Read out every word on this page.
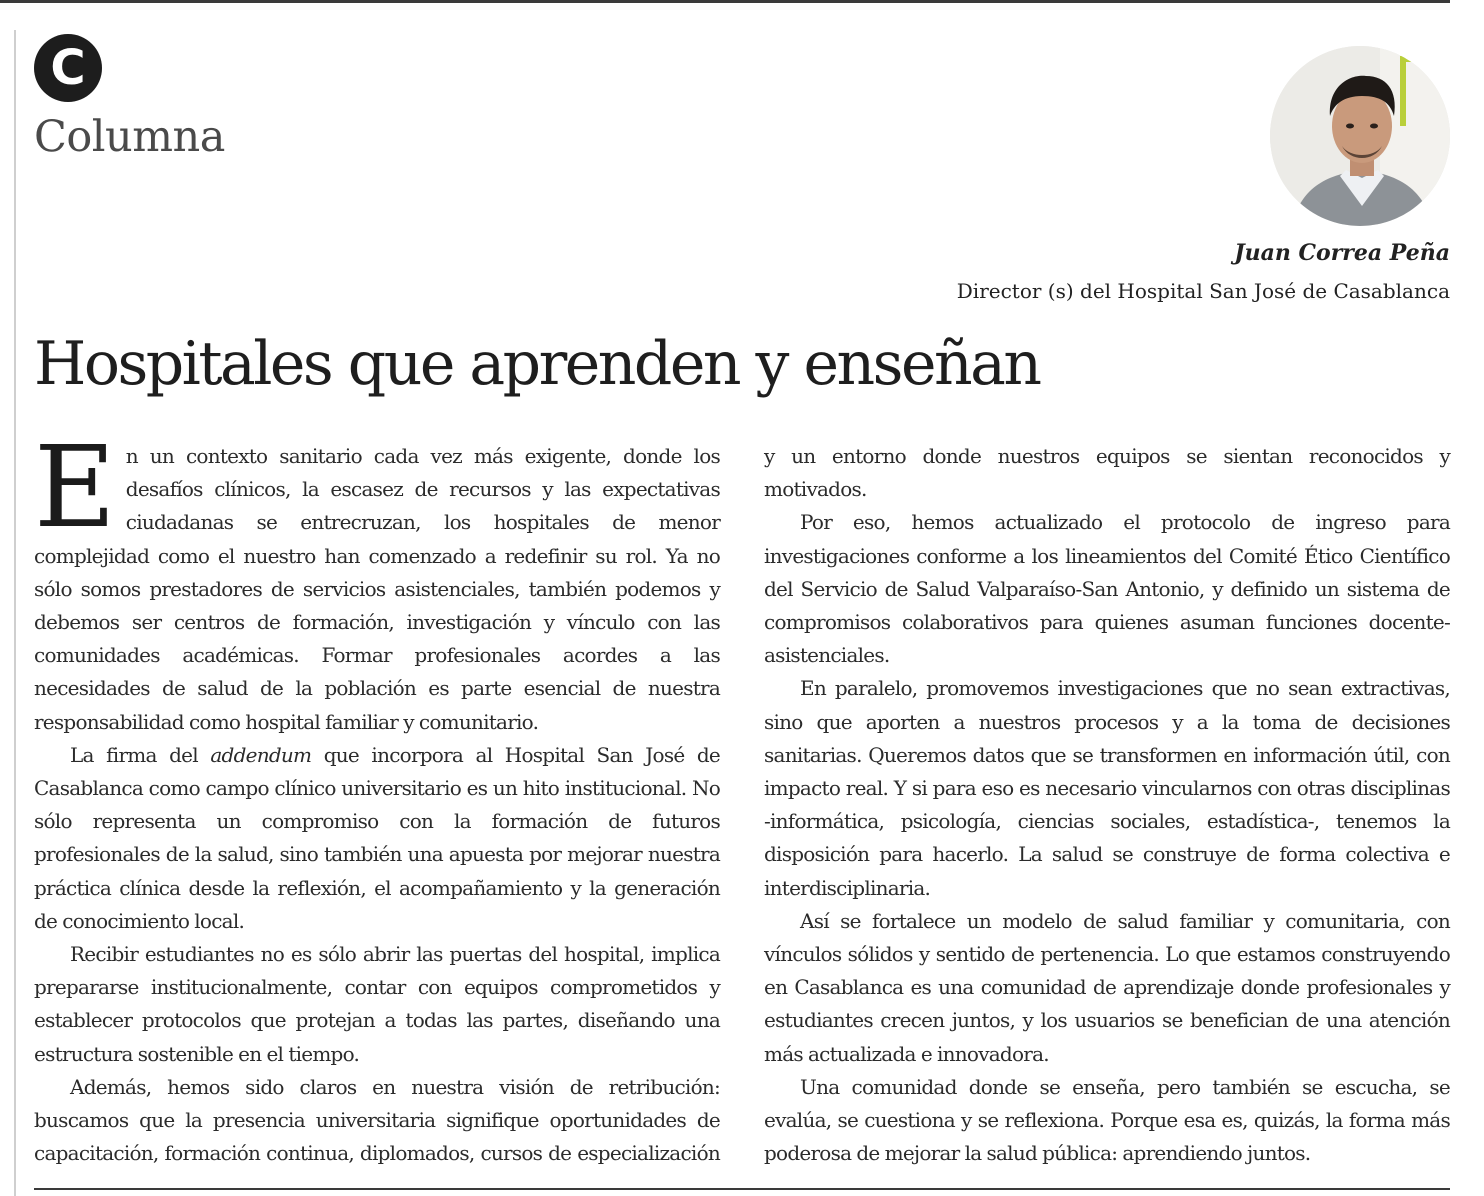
C
Columna
Juan Correa Peña
Director (s) del Hospital San José de Casablanca
Hospitales que aprenden y enseñan

En un contexto sanitario cada vez más exigente, donde los desafíos clínicos, la escasez de recursos y las expectativas ciudadanas se entrecruzan, los hospitales de menor complejidad como el nuestro han comenzado a redefinir su rol. Ya no sólo somos prestadores de servicios asistenciales, también podemos y debemos ser centros de formación, investigación y vínculo con las comunidades académicas. Formar profesionales acordes a las necesidades de salud de la población es parte esencial de nuestra responsabilidad como hospital familiar y comunitario.

La firma del addendum que incorpora al Hospital San José de Casablanca como campo clínico universitario es un hito institucional. No sólo representa un compromiso con la formación de futuros profesionales de la salud, sino también una apuesta por mejorar nuestra práctica clínica desde la reflexión, el acompañamiento y la generación de conocimiento local.

Recibir estudiantes no es sólo abrir las puertas del hospital, implica prepararse institucionalmente, contar con equipos comprometidos y establecer protocolos que protejan a todas las partes, diseñando una estructura sostenible en el tiempo.

Además, hemos sido claros en nuestra visión de retribución: buscamos que la presencia universitaria signifique oportunidades de capacitación, formación continua, diplomados, cursos de especialización y un entorno donde nuestros equipos se sientan reconocidos y motivados.

Por eso, hemos actualizado el protocolo de ingreso para investigaciones conforme a los lineamientos del Comité Ético Científico del Servicio de Salud Valparaíso-San Antonio, y definido un sistema de compromisos colaborativos para quienes asuman funciones docente-asistenciales.

En paralelo, promovemos investigaciones que no sean extractivas, sino que aporten a nuestros procesos y a la toma de decisiones sanitarias. Queremos datos que se transformen en información útil, con impacto real. Y si para eso es necesario vincularnos con otras disciplinas -informática, psicología, ciencias sociales, estadística-, tenemos la disposición para hacerlo. La salud se construye de forma colectiva e interdisciplinaria.

Así se fortalece un modelo de salud familiar y comunitaria, con vínculos sólidos y sentido de pertenencia. Lo que estamos construyendo en Casablanca es una comunidad de aprendizaje donde profesionales y estudiantes crecen juntos, y los usuarios se benefician de una atención más actualizada e innovadora.

Una comunidad donde se enseña, pero también se escucha, se evalúa, se cuestiona y se reflexiona. Porque esa es, quizás, la forma más poderosa de mejorar la salud pública: aprendiendo juntos.
